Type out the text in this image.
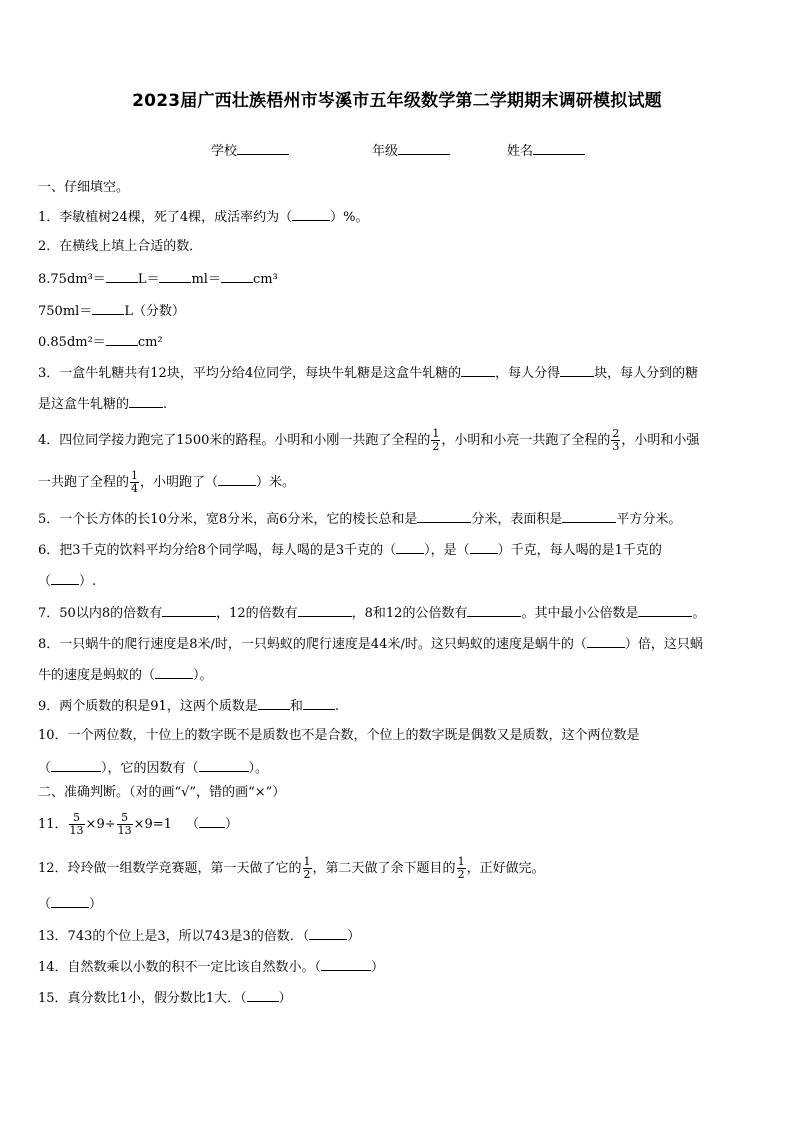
2023届广西壮族梧州市岑溪市五年级数学第二学期期末调研模拟试题
学校	年级	姓名
一、仔细填空。
1．李敏植树24棵，死了4棵，成活率约为（	）%。
2．在横线上填上合适的数．
8.75dm³＝ L＝ ml＝ cm³
750ml＝ L（分数）
0.85dm²＝ cm²
3．一盒牛轧糖共有12块，平均分给4位同学，每块牛轧糖是这盒牛轧糖的	，每人分得	块，每人分到的糖
是这盒牛轧糖的	.
4．四位同学接力跑完了1500米的路程。小明和小刚一共跑了全程的 $\frac{1}{2}$ ，小明和小亮一共跑了全程的 $\frac{2}{3}$ ，小明和小强
一共跑了全程的 $\frac{1}{4}$ ，小明跑了（	）米。
5．一个长方体的长10分米，宽8分米，高6分米，它的棱长总和是	分米，表面积是	平方分米。
6．把3千克的饮料平均分给8个同学喝，每人喝的是3千克的（ ），是（ ）千克，每人喝的是1千克的
（ ）.
7．50以内8的倍数有	，12的倍数有	，8和12的公倍数有	。其中最小公倍数是	。
8．一只蜗牛的爬行速度是8米/时，一只蚂蚁的爬行速度是44米/时。这只蚂蚁的速度是蜗牛的（	）倍，这只蜗
牛的速度是蚂蚁的（	）。
9．两个质数的积是91，这两个质数是 和 .
10．一个两位数，十位上的数字既不是质数也不是合数，个位上的数字既是偶数又是质数，这个两位数是
（	），它的因数有（	）。
二、准确判断。（对的画“√”，错的画“×”）
11． $\frac{5}{13} \times 9\div \frac{5}{13} \times 9=1$ （ ）
12．玲玲做一组数学竞赛题，第一天做了它的 $\frac{1}{2}$ ，第二天做了余下题目的 $\frac{1}{2}$ ，正好做完。
（	）
13．743的个位上是3，所以743是3的倍数．（	）
14．自然数乘以小数的积不一定比该自然数小。（	）
15．真分数比1小，假分数比1大．（ ）
